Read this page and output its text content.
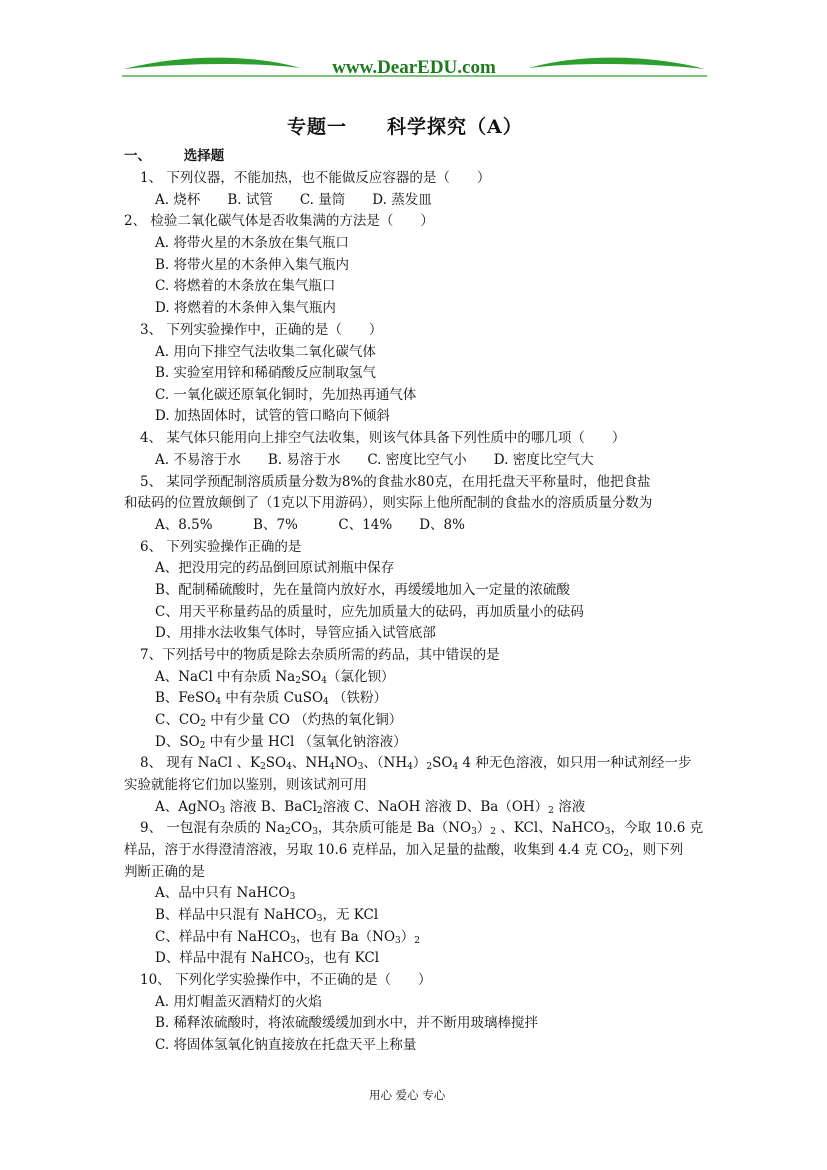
www.DearEDU.com
专题一　　科学探究（A）
一、 选择题
1、 下列仪器，不能加热，也不能做反应容器的是（　　）
A. 烧杯　　B. 试管　　C. 量筒　　D. 蒸发皿
2、 检验二氧化碳气体是否收集满的方法是（　　）
A. 将带火星的木条放在集气瓶口
B. 将带火星的木条伸入集气瓶内
C. 将燃着的木条放在集气瓶口
D. 将燃着的木条伸入集气瓶内
3、 下列实验操作中，正确的是（　　）
A. 用向下排空气法收集二氧化碳气体
B. 实验室用锌和稀硝酸反应制取氢气
C. 一氧化碳还原氧化铜时，先加热再通气体
D. 加热固体时，试管的管口略向下倾斜
4、 某气体只能用向上排空气法收集，则该气体具备下列性质中的哪几项（　　）
A. 不易溶于水　　B. 易溶于水　　C. 密度比空气小　　D. 密度比空气大
5、 某同学预配制溶质质量分数为8%的食盐水80克，在用托盘天平称量时，他把食盐
和砝码的位置放颠倒了（1克以下用游码），则实际上他所配制的食盐水的溶质质量分数为
A、8.5%　　　B、7%　　　C、14%　　D、8%
6、 下列实验操作正确的是
A、把没用完的药品倒回原试剂瓶中保存
B、配制稀硫酸时，先在量筒内放好水，再缓缓地加入一定量的浓硫酸
C、用天平称量药品的质量时，应先加质量大的砝码，再加质量小的砝码
D、用排水法收集气体时，导管应插入试管底部
7、下列括号中的物质是除去杂质所需的药品，其中错误的是
A、NaCl 中有杂质 $Na_2SO_4$（氯化钡）
B、FeSO$_4$ 中有杂质 CuSO$_4$ （铁粉）
C、$CO_2$ 中有少量 CO （灼热的氧化铜）
D、$SO_2$ 中有少量 HCl （氢氧化钠溶液）
8、 现有 NaCl 、$K_2SO_4$、$NH_4NO_3$、$(NH_4)_2SO_4$ 4 种无色溶液，如只用一种试剂经一步
实验就能将它们加以鉴别，则该试剂可用
A、AgNO$_3$ 溶液 B、BaCl$_2$溶液 C、NaOH 溶液 D、$Ba(OH)_2$ 溶液
9、 一包混有杂质的 $Na_2CO_3$，其杂质可能是 $Ba(NO_3)_2$ 、KCl、NaHCO$_3$，今取 10.6 克
样品，溶于水得澄清溶液，另取 10.6 克样品，加入足量的盐酸，收集到 4.4 克 $CO_2$，则下列
判断正确的是
A、品中只有 NaHCO$_3$
B、样品中只混有 NaHCO$_3$，无 KCl
C、样品中有 NaHCO$_3$，也有 $Ba(NO_3)_2$
D、样品中混有 NaHCO$_3$，也有 KCl
10、 下列化学实验操作中，不正确的是（　　）
A. 用灯帽盖灭酒精灯的火焰
B. 稀释浓硫酸时，将浓硫酸缓缓加到水中，并不断用玻璃棒搅拌
C. 将固体氢氧化钠直接放在托盘天平上称量
用心 爱心 专心
